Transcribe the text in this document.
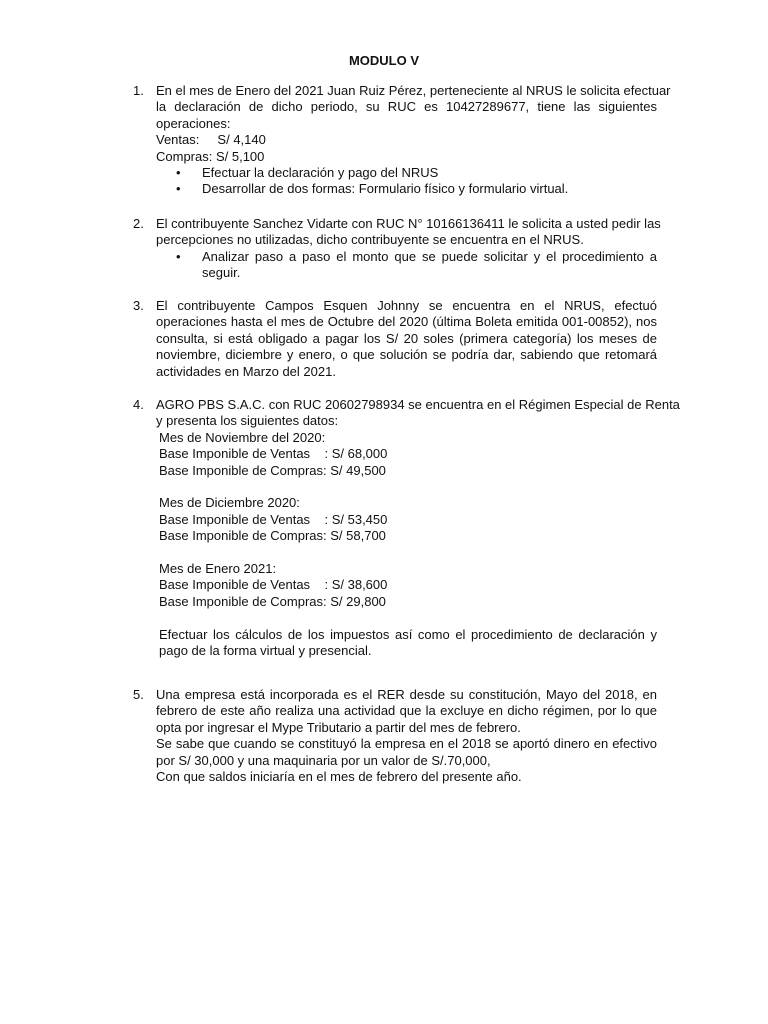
MODULO V
1. En el mes de Enero del 2021 Juan Ruiz Pérez, perteneciente al NRUS le solicita efectuar
la declaración de dicho periodo, su RUC es 10427289677, tiene las siguientes
operaciones:
Ventas:     S/ 4,140
Compras: S/ 5,100
• Efectuar la declaración y pago del NRUS
• Desarrollar de dos formas: Formulario físico y formulario virtual.
2. El contribuyente Sanchez Vidarte con RUC N° 10166136411 le solicita a usted pedir las
percepciones no utilizadas, dicho contribuyente se encuentra en el NRUS.
• Analizar paso a paso el monto que se puede solicitar y el procedimiento a
seguir.
3. El contribuyente Campos Esquen Johnny se encuentra en el NRUS, efectuó
operaciones hasta el mes de Octubre del 2020 (última Boleta emitida 001-00852), nos
consulta, si está obligado a pagar los S/ 20 soles (primera categoría) los meses de
noviembre, diciembre y enero, o que solución se podría dar, sabiendo que retomará
actividades en Marzo del 2021.
4. AGRO PBS S.A.C. con RUC 20602798934 se encuentra en el Régimen Especial de Renta
y presenta los siguientes datos:
Mes de Noviembre del 2020:
Base Imponible de Ventas    : S/ 68,000
Base Imponible de Compras: S/ 49,500
Mes de Diciembre 2020:
Base Imponible de Ventas    : S/ 53,450
Base Imponible de Compras: S/ 58,700
Mes de Enero 2021:
Base Imponible de Ventas    : S/ 38,600
Base Imponible de Compras: S/ 29,800
Efectuar los cálculos de los impuestos así como el procedimiento de declaración y
pago de la forma virtual y presencial.
5. Una empresa está incorporada es el RER desde su constitución, Mayo del 2018, en
febrero de este año realiza una actividad que la excluye en dicho régimen, por lo que
opta por ingresar el Mype Tributario a partir del mes de febrero.
Se sabe que cuando se constituyó la empresa en el 2018 se aportó dinero en efectivo
por S/ 30,000 y una maquinaria por un valor de S/.70,000,
Con que saldos iniciaría en el mes de febrero del presente año.
